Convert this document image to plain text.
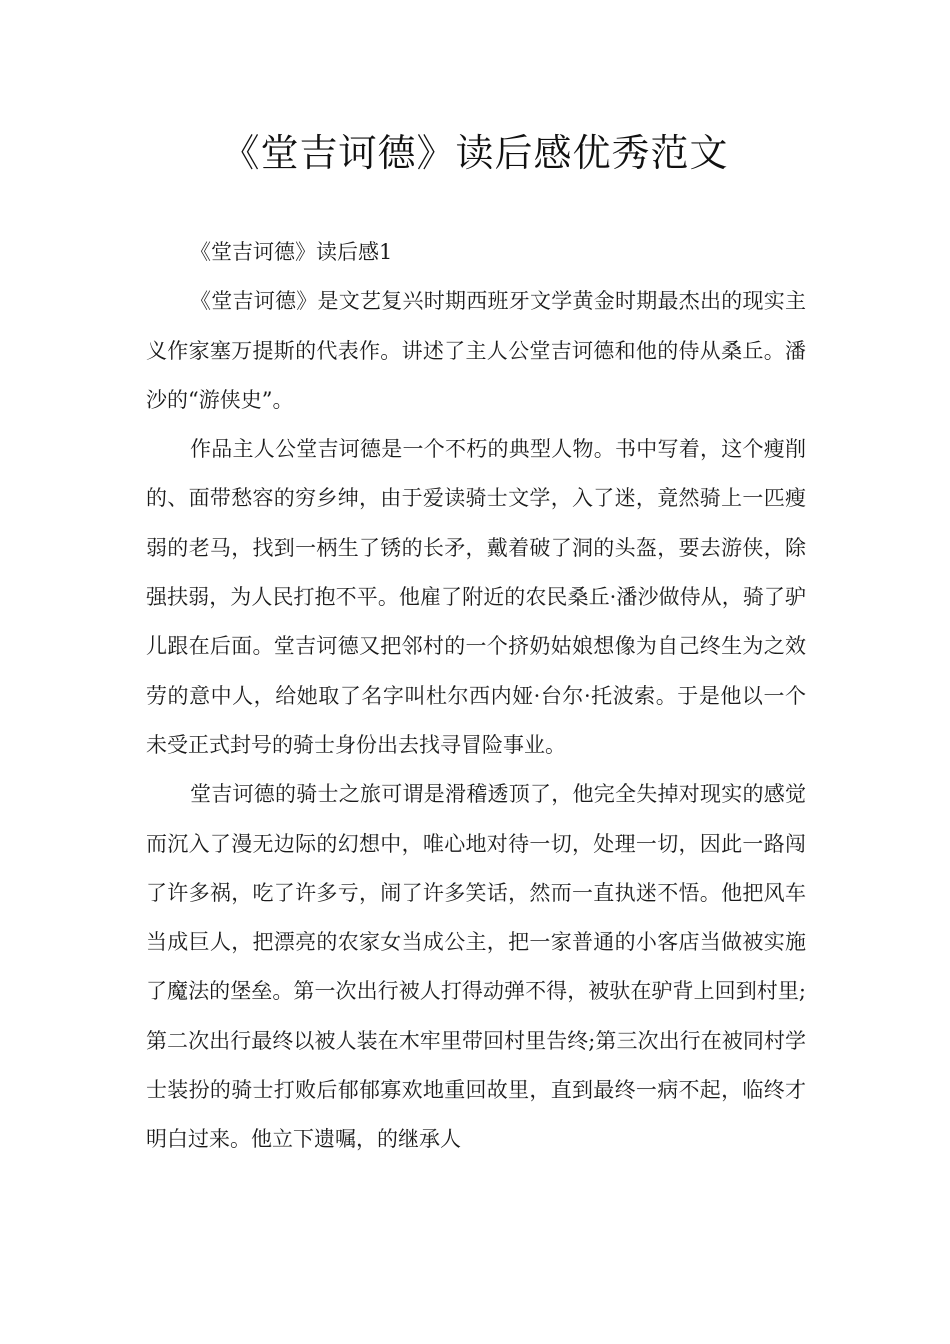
《堂吉诃德》读后感优秀范文

《堂吉诃德》读后感1

《堂吉诃德》是文艺复兴时期西班牙文学黄金时期最杰出的现实主义作家塞万提斯的代表作。讲述了主人公堂吉诃德和他的侍从桑丘。潘沙的“游侠史”。

作品主人公堂吉诃德是一个不朽的典型人物。书中写着，这个瘦削的、面带愁容的穷乡绅，由于爱读骑士文学，入了迷，竟然骑上一匹瘦弱的老马，找到一柄生了锈的长矛，戴着破了洞的头盔，要去游侠，除强扶弱，为人民打抱不平。他雇了附近的农民桑丘·潘沙做侍从，骑了驴儿跟在后面。堂吉诃德又把邻村的一个挤奶姑娘想像为自己终生为之效劳的意中人，给她取了名字叫杜尔西内娅·台尔·托波索。于是他以一个未受正式封号的骑士身份出去找寻冒险事业。

堂吉诃德的骑士之旅可谓是滑稽透顶了，他完全失掉对现实的感觉而沉入了漫无边际的幻想中，唯心地对待一切，处理一切，因此一路闯了许多祸，吃了许多亏，闹了许多笑话，然而一直执迷不悟。他把风车当成巨人，把漂亮的农家女当成公主，把一家普通的小客店当做被实施了魔法的堡垒。第一次出行被人打得动弹不得，被驮在驴背上回到村里;第二次出行最终以被人装在木牢里带回村里告终;第三次出行在被同村学士装扮的骑士打败后郁郁寡欢地重回故里，直到最终一病不起，临终才明白过来。他立下遗嘱，的继承人
